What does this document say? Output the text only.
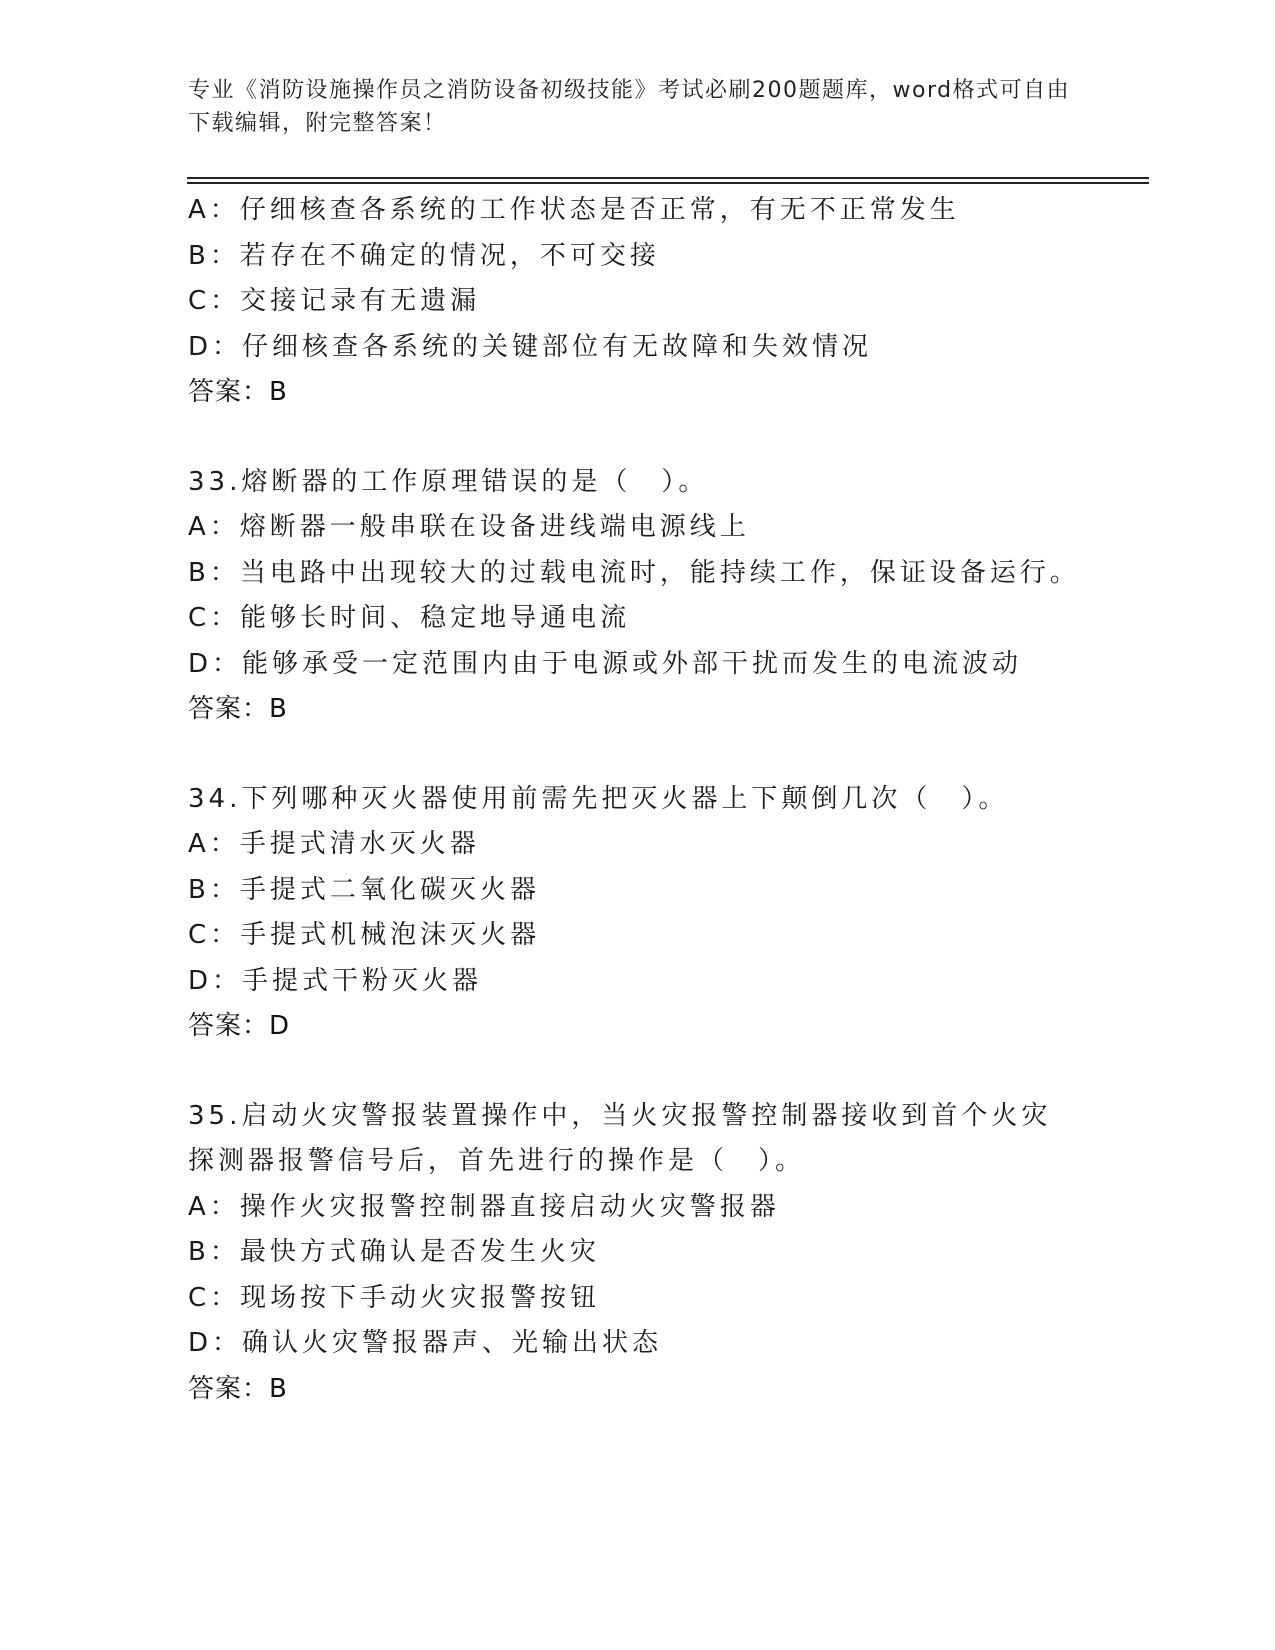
专业《消防设施操作员之消防设备初级技能》考试必刷200题题库，word格式可自由下载编辑，附完整答案！
A：仔细核查各系统的工作状态是否正常，有无不正常发生
B：若存在不确定的情况，不可交接
C：交接记录有无遗漏
D：仔细核查各系统的关键部位有无故障和失效情况
答案：B
33.熔断器的工作原理错误的是（　）。
A：熔断器一般串联在设备进线端电源线上
B：当电路中出现较大的过载电流时，能持续工作，保证设备运行。
C：能够长时间、稳定地导通电流
D：能够承受一定范围内由于电源或外部干扰而发生的电流波动
答案：B
34.下列哪种灭火器使用前需先把灭火器上下颠倒几次（　）。
A：手提式清水灭火器
B：手提式二氧化碳灭火器
C：手提式机械泡沫灭火器
D：手提式干粉灭火器
答案：D
35.启动火灾警报装置操作中，当火灾报警控制器接收到首个火灾探测器报警信号后，首先进行的操作是（　）。
A：操作火灾报警控制器直接启动火灾警报器
B：最快方式确认是否发生火灾
C：现场按下手动火灾报警按钮
D：确认火灾警报器声、光输出状态
答案：B
